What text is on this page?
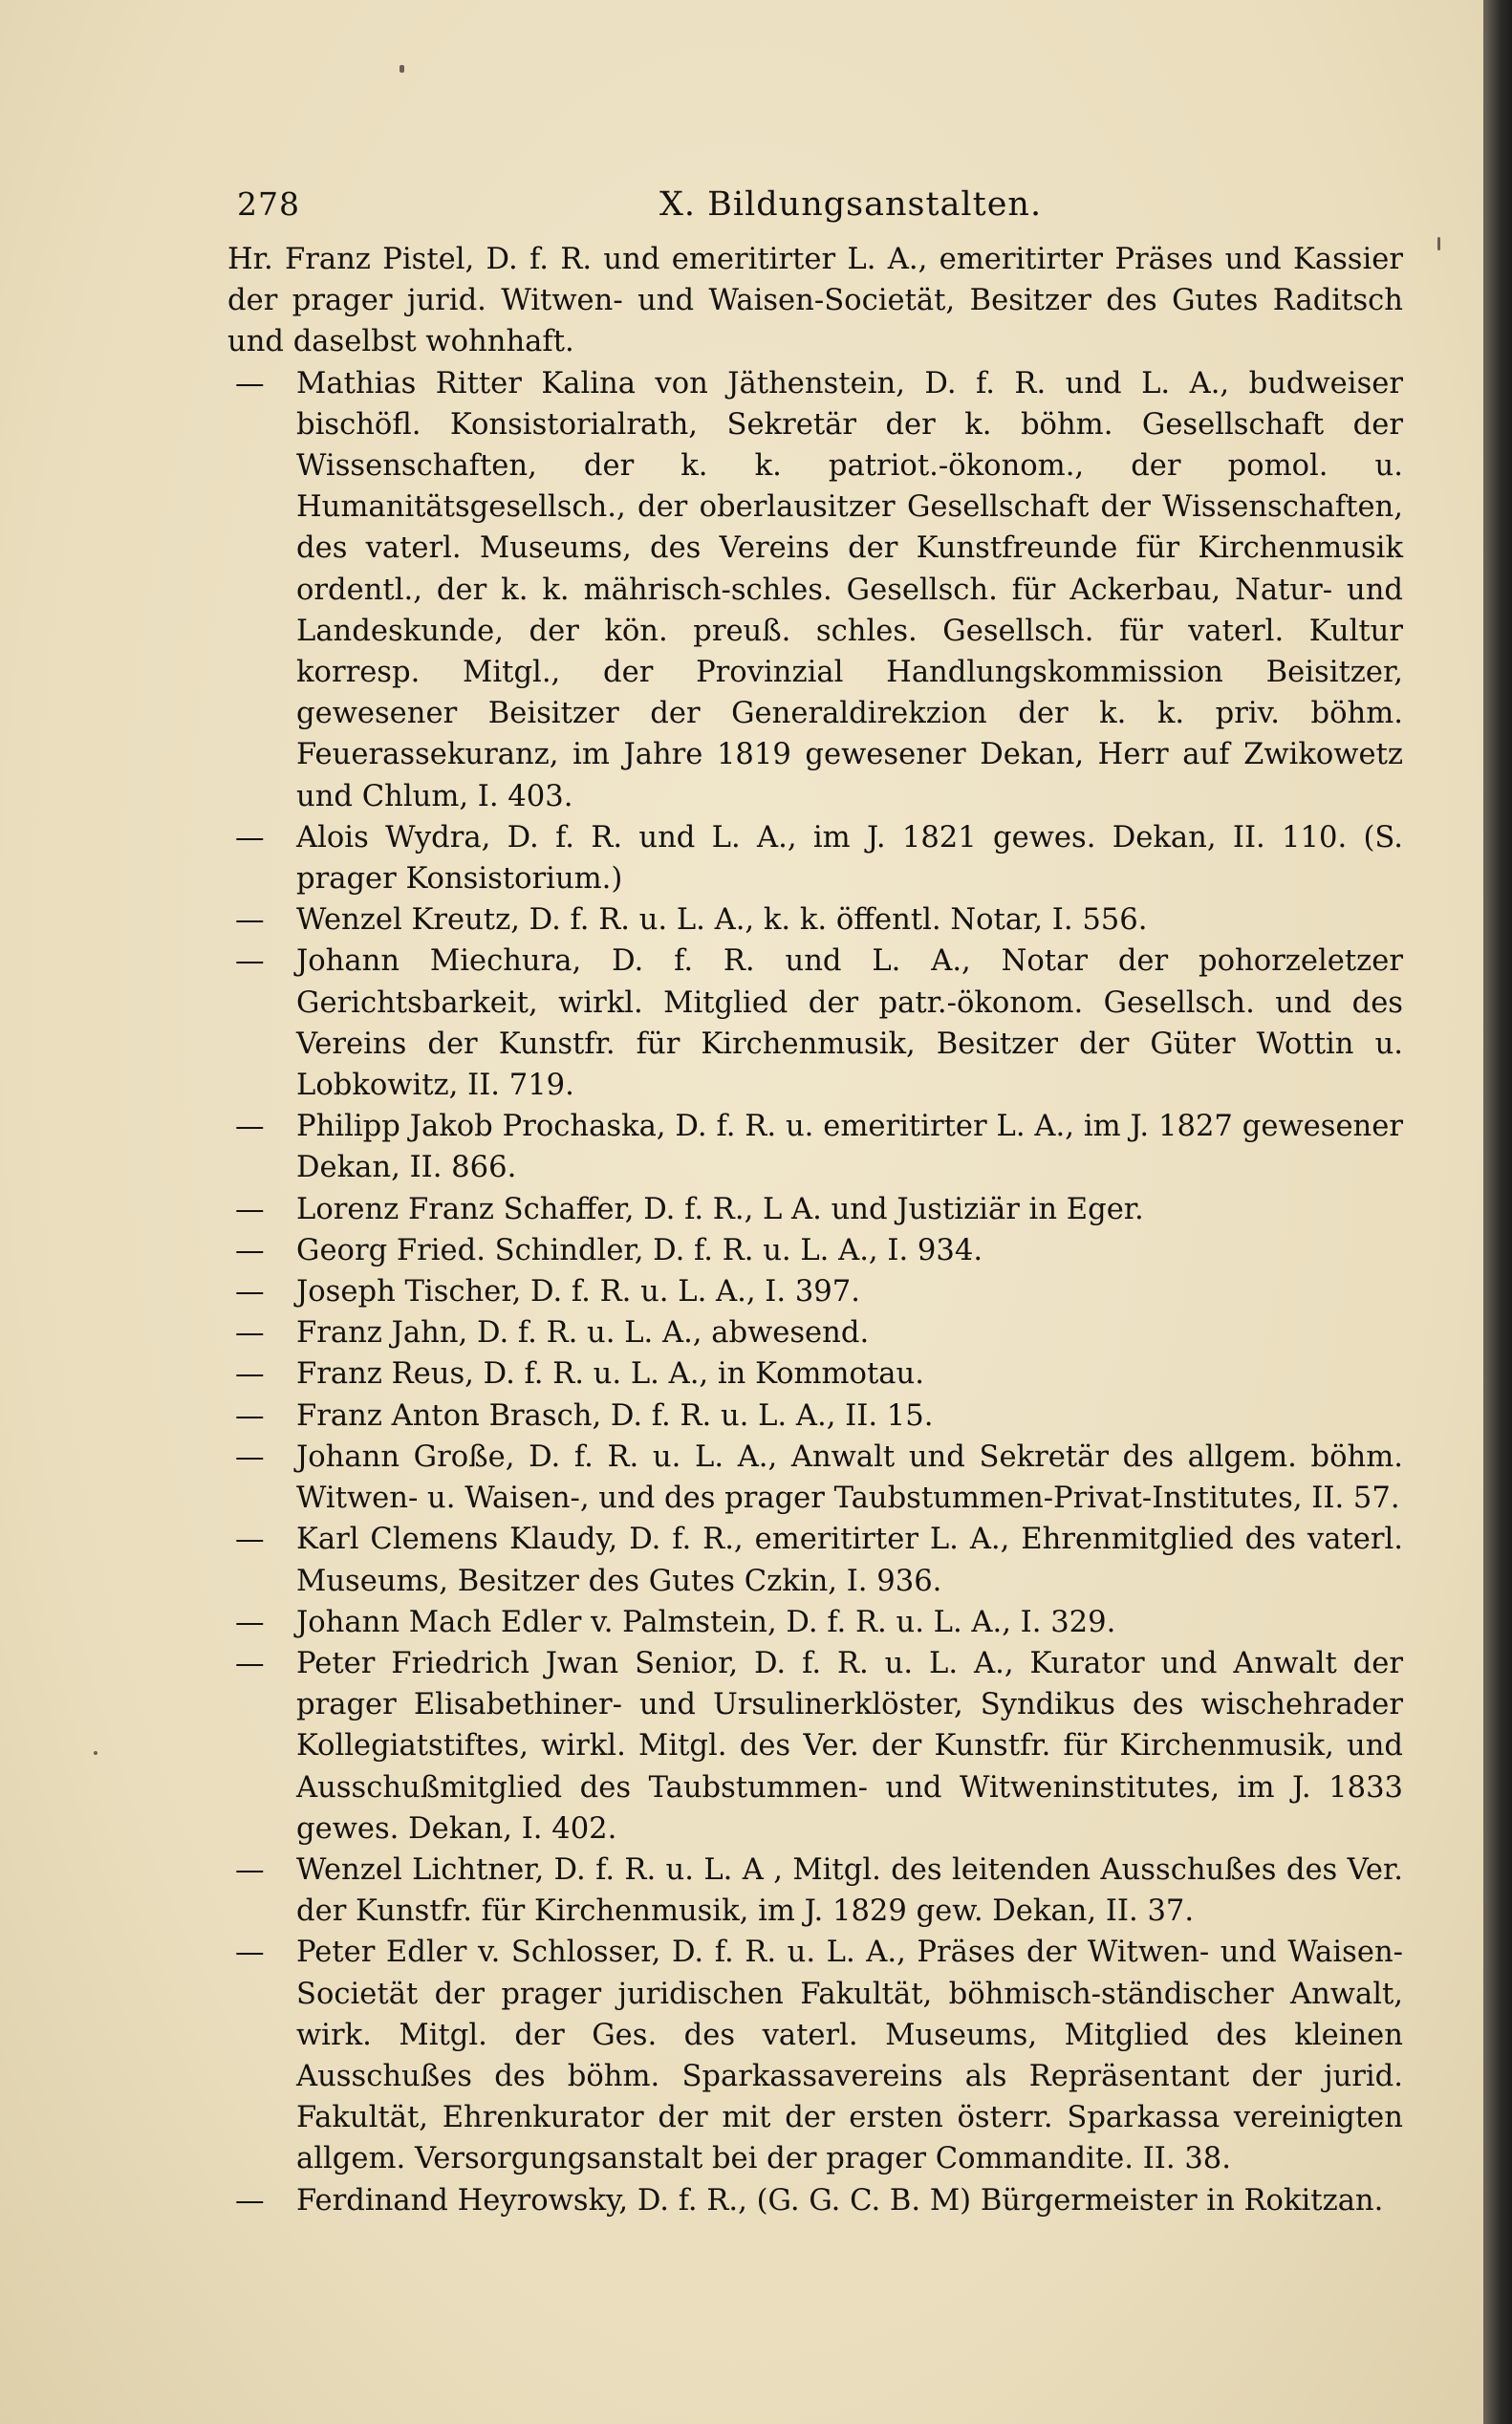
278	X. Bildungsanstalten.
Hr. Franz Pistel, D. f. R. und emeritirter L. A., emeritirter Präses und Kassier der prager jurid. Witwen- und Waisen-Societät, Besitzer des Gutes Raditsch und daselbst wohnhaft.
— Mathias Ritter Kalina von Jäthenstein, D. f. R. und L. A., budweiser bischöfl. Konsistorialrath, Sekretär der k. böhm. Gesellschaft der Wissenschaften, der k. k. patriot.-ökonom., der pomol. u. Humanitätsgesellsch., der oberlausitzer Gesellschaft der Wissenschaften, des vaterl. Museums, des Vereins der Kunstfreunde für Kirchenmusik ordentl., der k. k. mährisch-schles. Gesellsch. für Ackerbau, Natur- und Landeskunde, der kön. preuß. schles. Gesellsch. für vaterl. Kultur korresp. Mitgl., der Provinzial Handlungskommission Beisitzer, gewesener Beisitzer der Generaldirekzion der k. k. priv. böhm. Feuerassekuranz, im Jahre 1819 gewesener Dekan, Herr auf Zwikowetz und Chlum, I. 403.
— Alois Wydra, D. f. R. und L. A., im J. 1821 gewes. Dekan, II. 110. (S. prager Konsistorium.)
— Wenzel Kreutz, D. f. R. u. L. A., k. k. öffentl. Notar, I. 556.
— Johann Miechura, D. f. R. und L. A., Notar der pohorzeletzer Gerichtsbarkeit, wirkl. Mitglied der patr.-ökonom. Gesellsch. und des Vereins der Kunstfr. für Kirchenmusik, Besitzer der Güter Wottin u. Lobkowitz, II. 719.
— Philipp Jakob Prochaska, D. f. R. u. emeritirter L. A., im J. 1827 gewesener Dekan, II. 866.
— Lorenz Franz Schaffer, D. f. R., L A. und Justiziär in Eger.
— Georg Fried. Schindler, D. f. R. u. L. A., I. 934.
— Joseph Tischer, D. f. R. u. L. A., I. 397.
— Franz Jahn, D. f. R. u. L. A., abwesend.
— Franz Reus, D. f. R. u. L. A., in Kommotau.
— Franz Anton Brasch, D. f. R. u. L. A., II. 15.
— Johann Große, D. f. R. u. L. A., Anwalt und Sekretär des allgem. böhm. Witwen- u. Waisen-, und des prager Taubstummen-Privat-Institutes, II. 57.
— Karl Clemens Klaudy, D. f. R., emeritirter L. A., Ehrenmitglied des vaterl. Museums, Besitzer des Gutes Czkin, I. 936.
— Johann Mach Edler v. Palmstein, D. f. R. u. L. A., I. 329.
— Peter Friedrich Jwan Senior, D. f. R. u. L. A., Kurator und Anwalt der prager Elisabethiner- und Ursulinerklöster, Syndikus des wischehrader Kollegiatstiftes, wirkl. Mitgl. des Ver. der Kunstfr. für Kirchenmusik, und Ausschußmitglied des Taubstummen- und Witweninstitutes, im J. 1833 gewes. Dekan, I. 402.
— Wenzel Lichtner, D. f. R. u. L. A , Mitgl. des leitenden Ausschußes des Ver. der Kunstfr. für Kirchenmusik, im J. 1829 gew. Dekan, II. 37.
— Peter Edler v. Schlosser, D. f. R. u. L. A., Präses der Witwen- und Waisen-Societät der prager juridischen Fakultät, böhmisch-ständischer Anwalt, wirk. Mitgl. der Ges. des vaterl. Museums, Mitglied des kleinen Ausschußes des böhm. Sparkassavereins als Repräsentant der jurid. Fakultät, Ehrenkurator der mit der ersten österr. Sparkassa vereinigten allgem. Versorgungsanstalt bei der prager Commandite. II. 38.
— Ferdinand Heyrowsky, D. f. R., (G. G. C. B. M) Bürgermeister in Rokitzan.
